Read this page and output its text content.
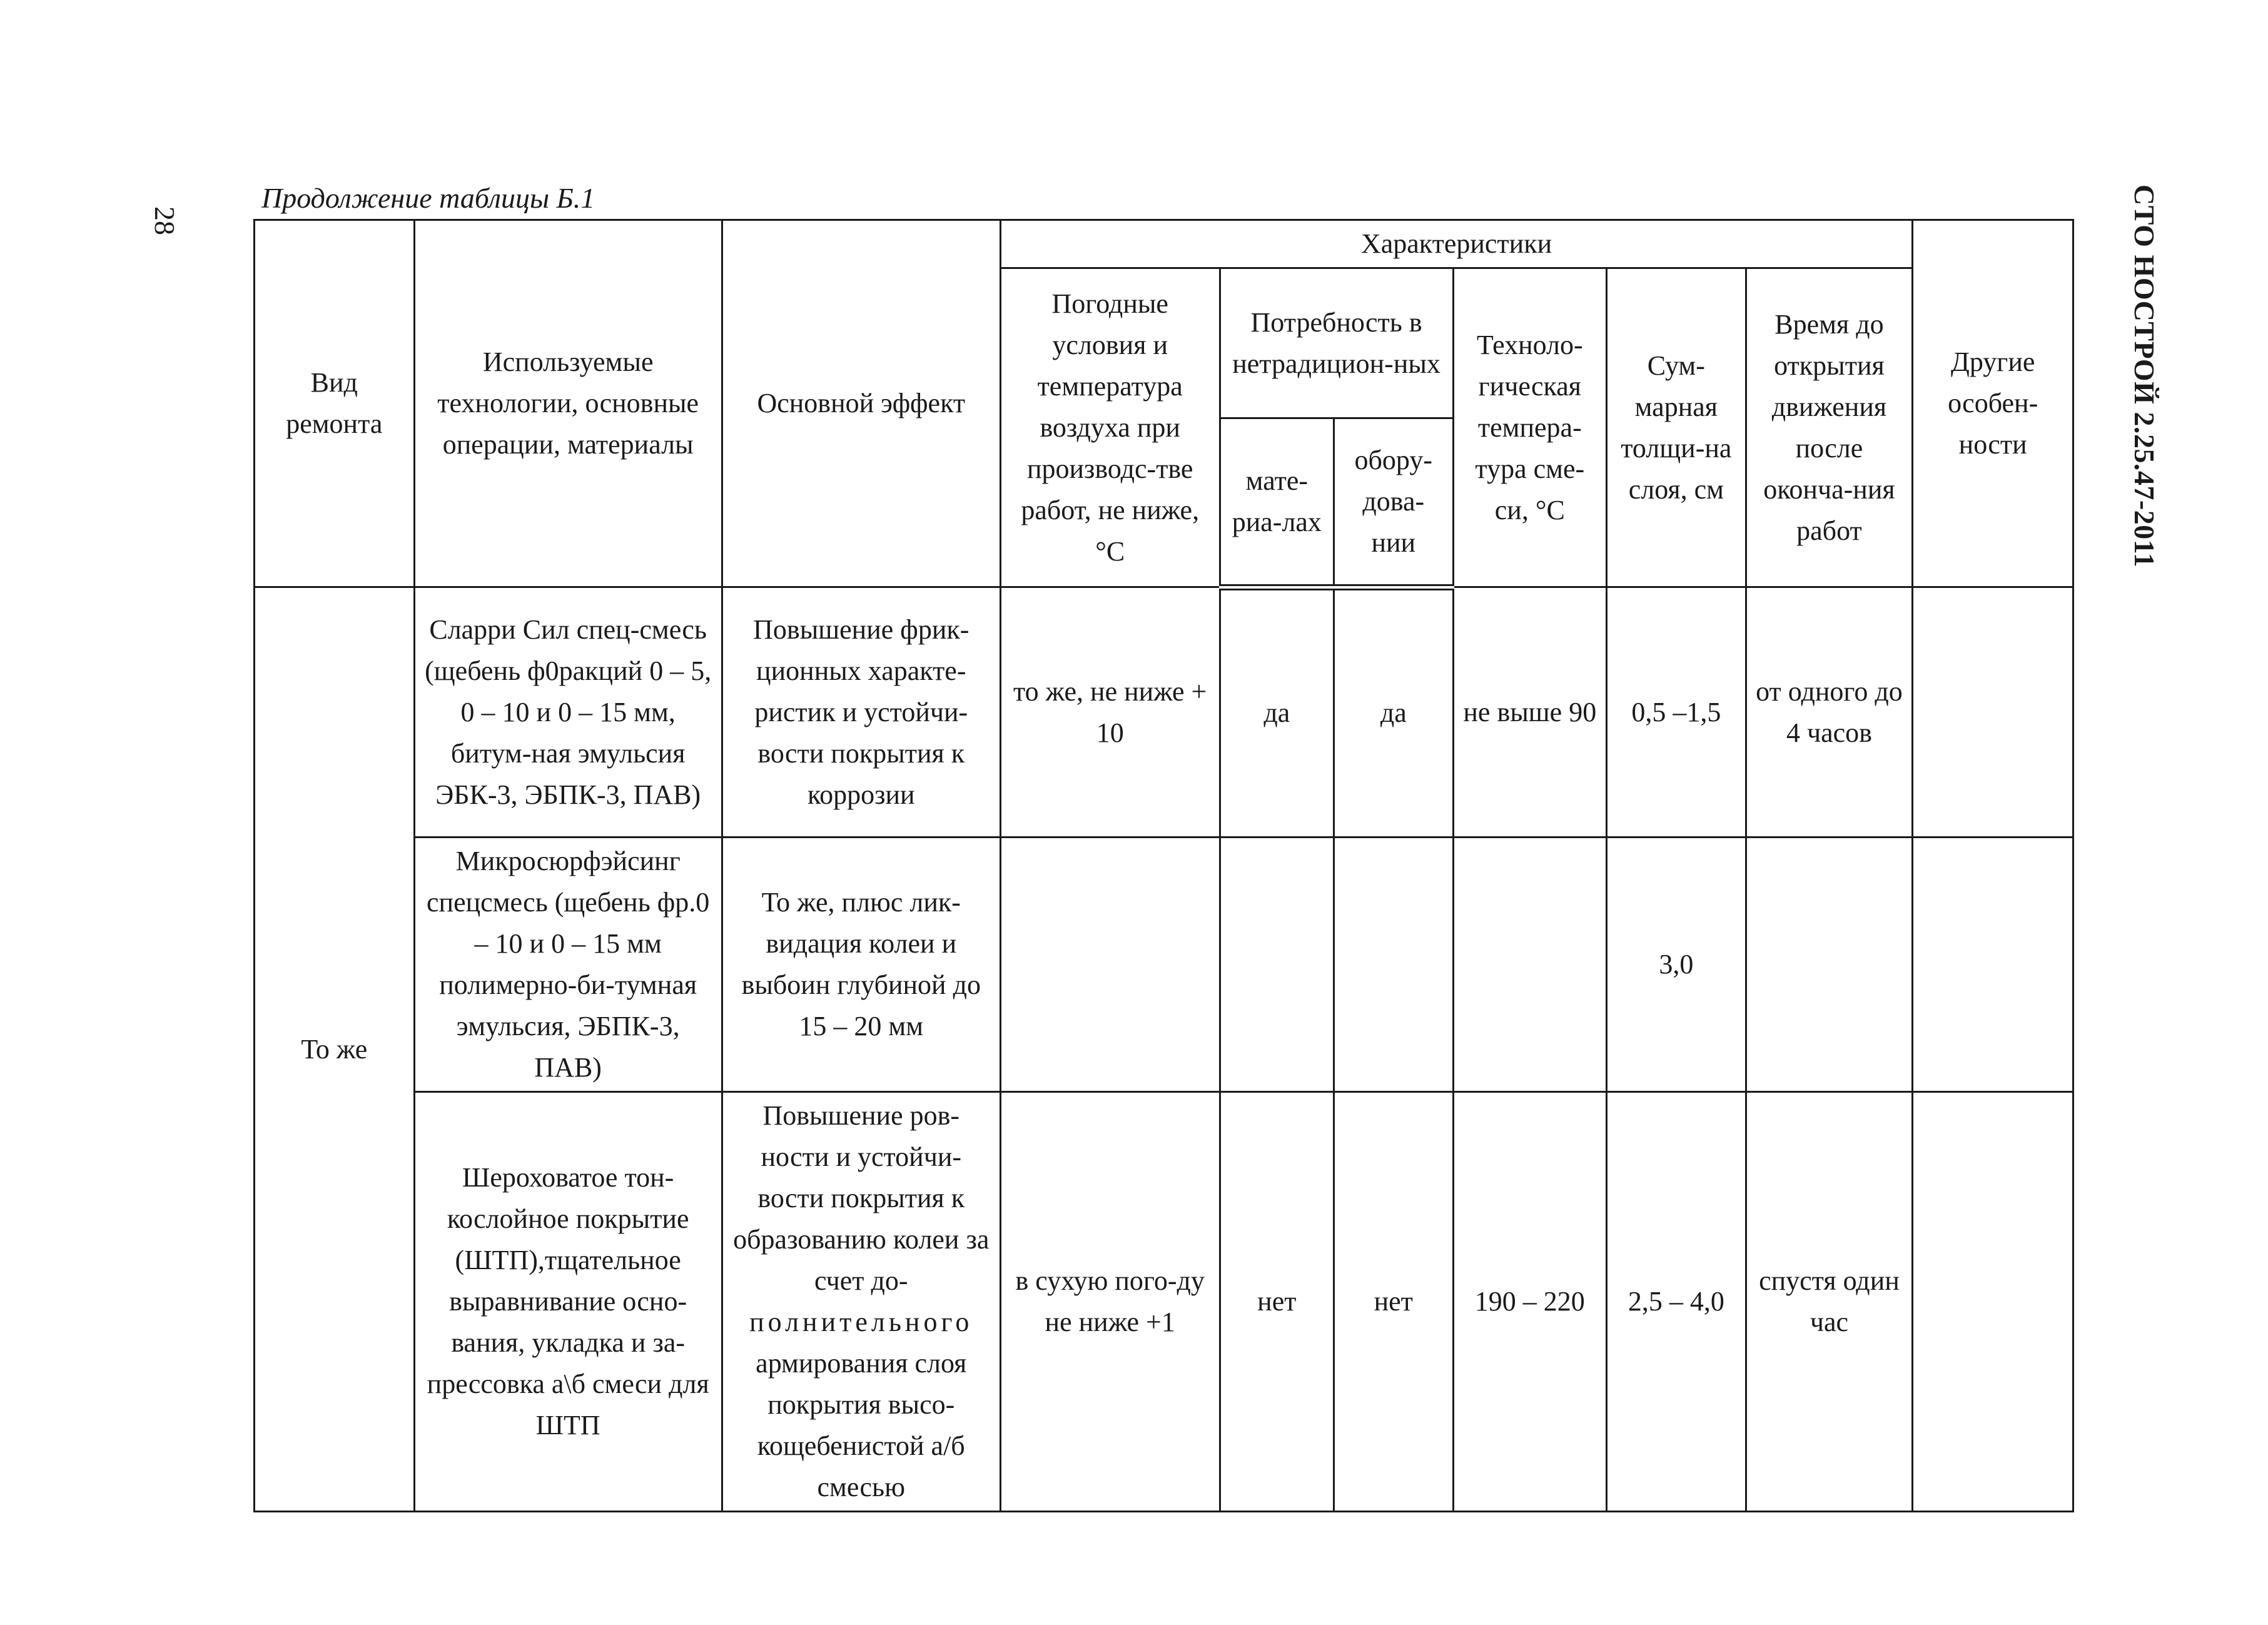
28	СТО НОСТРОЙ 2.25.47-2011
Продолжение таблицы Б.1
Вид ремонта	Используемые технологии, основные операции, материалы	Основной эффект	Характеристики						Другие особен-ности
			Погодные условия и температура воздуха при производс-тве работ, не ниже, °С	Потребность в нетрадицион-ных		Техноло-гическая темпера-тура сме-си, °С	Сум-марная толщи-на слоя, см	Время до открытия движения после оконча-ния работ	
				мате-риа-лах	обору-дова-нии				
То же	Сларри Сил спец-смесь (щебень ф0ракций 0 – 5, 0 – 10 и 0 – 15 мм, битум-ная эмульсия ЭБК-3, ЭБПК-3, ПАВ)	Повышение фрик-ционных характе-ристик и устойчи-вости покрытия к коррозии	то же, не ниже + 10	да	да	не выше 90	0,5 –1,5	от одного до 4 часов	
	Микросюрфэйсинг спецсмесь (щебень фр.0 – 10 и 0 – 15 мм полимерно-би-тумная эмульсия, ЭБПК-3, ПАВ)	То же, плюс лик-видация колеи и выбоин глубиной до 15 – 20 мм					3,0		
	Шероховатое тон-кослойное покрытие (ШТП),тщательное выравнивание осно-вания, укладка и за-прессовка а\б смеси для ШТП	Повышение ров-ности и устойчи-вости покрытия к образованию колеи за счет до- полнительного армирования слоя покрытия высо-кощебенистой а/б смесью	в сухую пого-ду не ниже +1	нет	нет	190 – 220	2,5 – 4,0	спустя один час	
